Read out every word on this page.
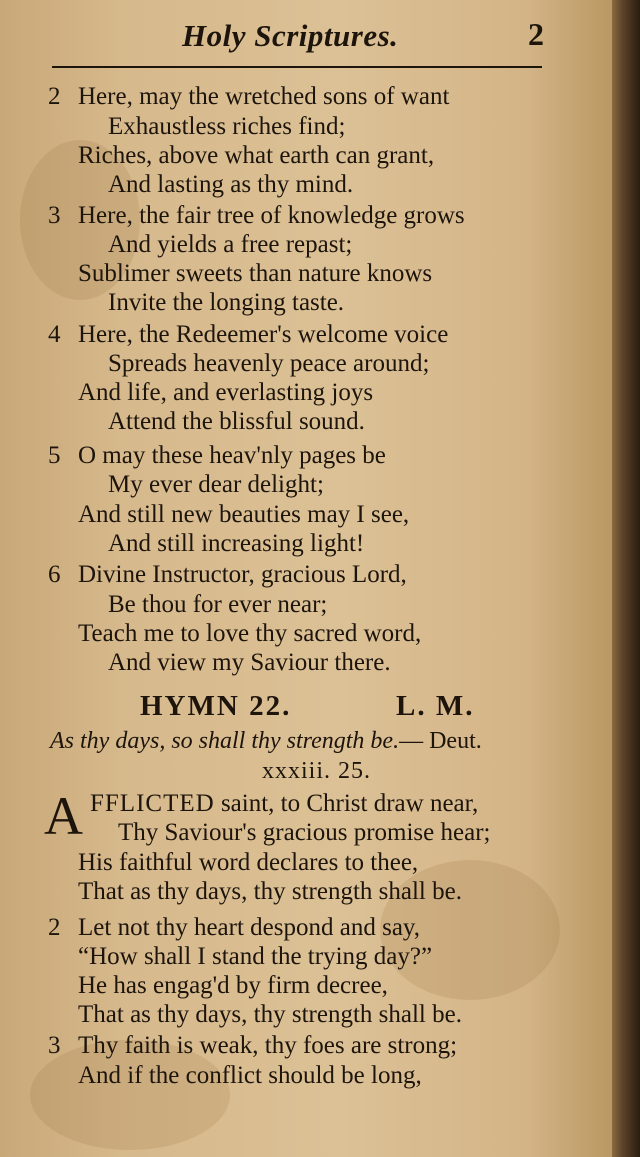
Holy Scriptures.	2
2 Here, may the wretched sons of want
Exhaustless riches find;
Riches, above what earth can grant,
And lasting as thy mind.
3 Here, the fair tree of knowledge grows
And yields a free repast;
Sublimer sweets than nature knows
Invite the longing taste.
4 Here, the Redeemer's welcome voice
Spreads heavenly peace around;
And life, and everlasting joys
Attend the blissful sound.
5 O may these heav'nly pages be
My ever dear delight;
And still new beauties may I see,
And still increasing light!
6 Divine Instructor, gracious Lord,
Be thou for ever near;
Teach me to love thy sacred word,
And view my Saviour there.
HYMN 22.	L. M.
As thy days, so shall thy strength be.— Deut.
xxxiii. 25.
A FFLICTED saint, to Christ draw near,
Thy Saviour's gracious promise hear;
His faithful word declares to thee,
That as thy days, thy strength shall be.
2 Let not thy heart despond and say,
“How shall I stand the trying day?”
He has engag'd by firm decree,
That as thy days, thy strength shall be.
3 Thy faith is weak, thy foes are strong;
And if the conflict should be long,
